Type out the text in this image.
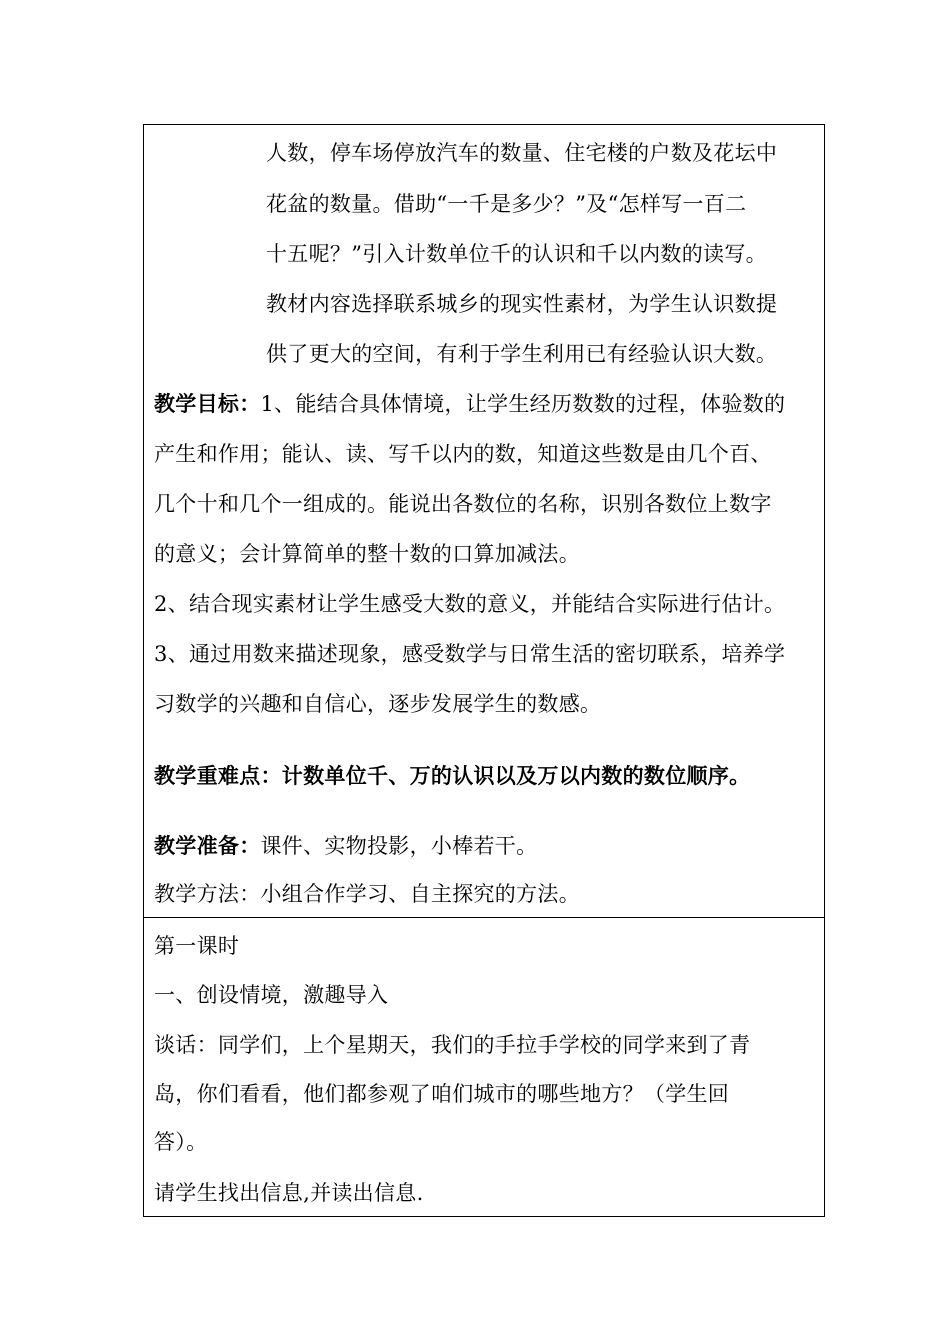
人数，停车场停放汽车的数量、住宅楼的户数及花坛中
花盆的数量。借助“一千是多少？”及“怎样写一百二
十五呢？”引入计数单位千的认识和千以内数的读写。
教材内容选择联系城乡的现实性素材，为学生认识数提
供了更大的空间，有利于学生利用已有经验认识大数。
教学目标：1、能结合具体情境，让学生经历数数的过程，体验数的
产生和作用；能认、读、写千以内的数，知道这些数是由几个百、
几个十和几个一组成的。能说出各数位的名称，识别各数位上数字
的意义；会计算简单的整十数的口算加减法。
2、结合现实素材让学生感受大数的意义，并能结合实际进行估计。
3、通过用数来描述现象，感受数学与日常生活的密切联系，培养学
习数学的兴趣和自信心，逐步发展学生的数感。
教学重难点：计数单位千、万的认识以及万以内数的数位顺序。
教学准备：课件、实物投影，小棒若干。
教学方法：小组合作学习、自主探究的方法。
第一课时
一、创设情境，激趣导入
谈话：同学们，上个星期天，我们的手拉手学校的同学来到了青
岛，你们看看，他们都参观了咱们城市的哪些地方？（学生回
答）。
请学生找出信息,并读出信息.
